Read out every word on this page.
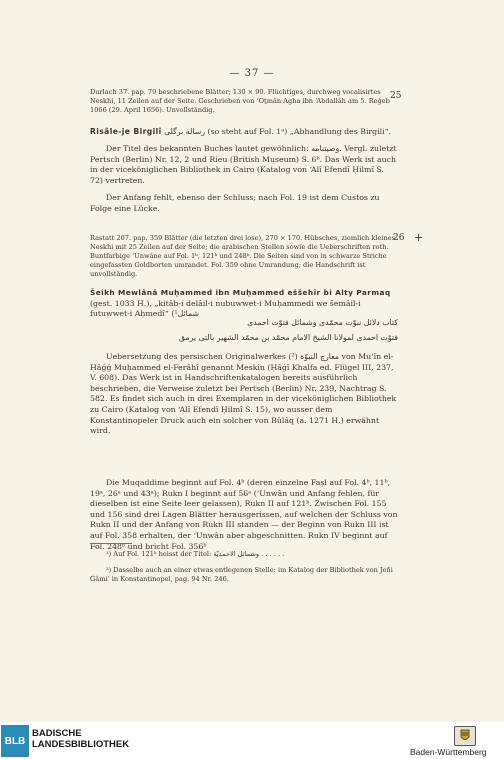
— 37 —
25
Durlach 37. pap. 79 beschriebene Blätter; 130 × 90. Flüchtiges, durchweg vocalisirtes Neskhi, 11 Zeilen auf der Seite. Geschrieben von ʻOṯmân Agha ibn ʻAbdallâh am 5. Reǵeb 1066 (29. April 1656). Unvollständig.
Risâle-je Birgilî رساله برگلى (so steht auf Fol. 1ᵃ) „Abhandlung des Birgili“.
Der Titel des bekannten Buches lautet gewöhnlich: وصيتنامه. Vergl. zuletzt Pertsch (Berlin) Nr. 12, 2 und Rieu (British Museum) S. 6ᵇ. Das Werk ist auch in der viceköniglichen Bibliothek in Cairo (Katalog von ʻAlî Efendî Ḥilmî S. 72) vertreten.
Der Anfang fehlt, ebenso der Schluss; nach Fol. 19 ist dem Custos zu Folge eine Lücke.
26 +
Rastatt 207. pap. 359 Blätter (die letzten drei lose), 270 × 170. Hübsches, ziemlich kleines Neskhi mit 25 Zeilen auf der Seite; die arabischen Stellen sowie die Ueberschriften roth. Buntfarbige ʻUnwâne auf Fol. 1ᵇ, 121ᵇ und 248ᵇ. Die Seiten sind von in schwarze Striche eingefassten Goldborten umrandet. Fol. 359 ohne Umrandung; die Handschrift ist unvollständig.
Šeikh Mewlânâ Muḥammed ibn Muḥammed eššehîr bi Alty Parmaq (gest. 1033 H.), „kitâb-i delâil-i nubuwwet-i Muḥammedi we šemâil-i futuwwet-i Aḥmedî“ (¹شمائل
كتاب دلائل نبوّت محمّدى وشمائل فتوّت احمدى
فتوّت احمدى لمولانا الشيخ الامام محمّد بن محمّد الشهير بالتى يرمق
Uebersetzung des persischen Originalwerkes معارج النبوّة (²) von Muʻîn el-Ḥâǵǵ Muḥammed el-Ferâhî genannt Meskîn (Ḥâǵî Khalfa ed. Flügel III, 237, V. 608). Das Werk ist in Handschriftenkatalogen bereits ausführlich beschrieben, die Verweise zuletzt bei Pertsch (Berlin) Nr. 239, Nachtrag S. 582. Es findet sich auch in drei Exemplaren in der viceköniglichen Bibliothek zu Cairo (Katalog von ʻAlî Efendî Ḥilmî S. 15), wo ausser dem Konstantinopeler Druck auch ein solcher von Bûlâq (a. 1271 H.) erwähnt wird.
Die Muqaddime beginnt auf Fol. 4ᵇ (deren einzelne Faṣl auf Fol. 4ᵇ, 11ᵇ, 19ᵃ, 26ᵃ und 43ᵃ); Rukn I beginnt auf 56ᵃ (ʻUnwân und Anfang fehlen, für dieselben ist eine Seite leer gelassen), Rukn II auf 121ᵇ. Zwischen Fol. 155 und 156 sind drei Lagen Blätter herausgerissen, auf welchen der Schluss von Rukn II und der Anfang von Rukn III standen — der Beginn von Rukn III ist auf Fol. 358 erhalten, der ʻUnwân aber abgeschnitten. Rukn IV beginnt auf Fol. 248ᵇ und bricht Fol. 356ᵇ
¹) Auf Fol. 121ᵇ heisst der Titel: وشمائل الاحمديّة . . . . . .
²) Dasselbe auch an einer etwas entlegenen Stelle: im Katalog der Bibliothek von Jeñi Ǵâmiʻ in Konstantinopel, pag. 94 Nr. 246.
BLB
BADISCHE
LANDESBIBLIOTHEK
Baden-Württemberg
